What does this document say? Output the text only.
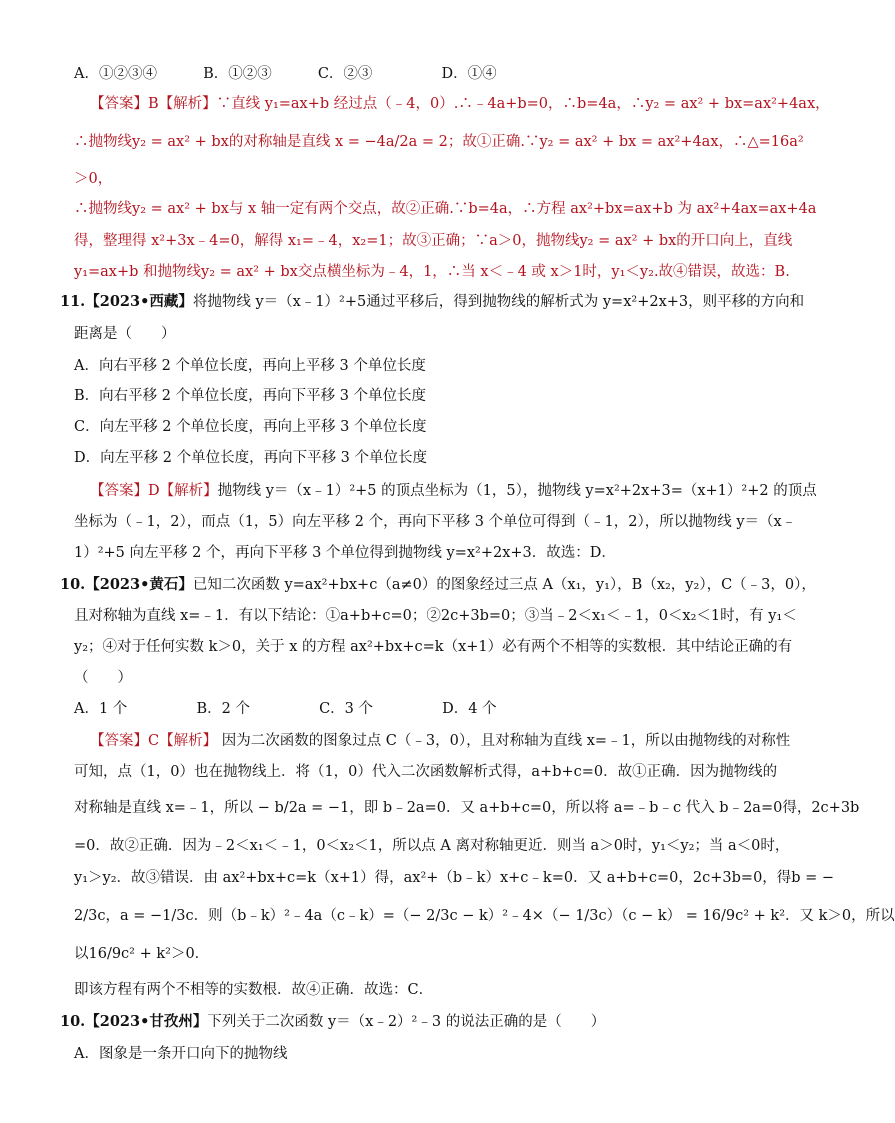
A．①②③④          B．①②③          C．②③               D．①④
【答案】B【解析】∵直线 y₁=ax+b 经过点（﹣4，0）.∴﹣4a+b=0，∴b=4a，∴y₂ = ax² + bx=ax²+4ax，
∴抛物线y₂ = ax² + bx的对称轴是直线 x = −4a/2a = 2；故①正确.∵y₂ = ax² + bx = ax²+4ax，∴△=16a²
＞0，
∴抛物线y₂ = ax² + bx与 x 轴一定有两个交点，故②正确.∵b=4a，∴方程 ax²+bx=ax+b 为 ax²+4ax=ax+4a
得，整理得 x²+3x﹣4=0，解得 x₁=﹣4，x₂=1；故③正确；∵a＞0，抛物线y₂ = ax² + bx的开口向上，直线
y₁=ax+b 和抛物线y₂ = ax² + bx交点横坐标为﹣4，1，∴当 x＜﹣4 或 x＞1时，y₁＜y₂.故④错误，故选：B.
11.【2023•西藏】将抛物线 y＝（x﹣1）²+5通过平移后，得到抛物线的解析式为 y=x²+2x+3，则平移的方向和
距离是（　　）
A．向右平移 2 个单位长度，再向上平移 3 个单位长度
B．向右平移 2 个单位长度，再向下平移 3 个单位长度
C．向左平移 2 个单位长度，再向上平移 3 个单位长度
D．向左平移 2 个单位长度，再向下平移 3 个单位长度
【答案】D【解析】抛物线 y＝（x﹣1）²+5 的顶点坐标为（1，5），抛物线 y=x²+2x+3=（x+1）²+2 的顶点
坐标为（﹣1，2），而点（1，5）向左平移 2 个，再向下平移 3 个单位可得到（﹣1，2），所以抛物线 y＝（x﹣
1）²+5 向左平移 2 个，再向下平移 3 个单位得到抛物线 y=x²+2x+3．故选：D．
10.【2023•黄石】已知二次函数 y=ax²+bx+c（a≠0）的图象经过三点 A（x₁，y₁），B（x₂，y₂），C（﹣3，0），
且对称轴为直线 x=﹣1．有以下结论：①a+b+c=0；②2c+3b=0；③当﹣2＜x₁＜﹣1，0＜x₂＜1时，有 y₁＜
y₂；④对于任何实数 k＞0，关于 x 的方程 ax²+bx+c=k（x+1）必有两个不相等的实数根．其中结论正确的有
（　　）
A．1 个               B．2 个               C．3 个               D．4 个
【答案】C【解析】 因为二次函数的图象过点 C（﹣3，0），且对称轴为直线 x=﹣1，所以由抛物线的对称性
可知，点（1，0）也在抛物线上．将（1，0）代入二次函数解析式得，a+b+c=0．故①正确．因为抛物线的
对称轴是直线 x=﹣1，所以 − b/2a = −1，即 b﹣2a=0．又 a+b+c=0，所以将 a=﹣b﹣c 代入 b﹣2a=0得，2c+3b
=0．故②正确．因为﹣2＜x₁＜﹣1，0＜x₂＜1，所以点 A 离对称轴更近．则当 a＞0时，y₁＜y₂；当 a＜0时，
y₁＞y₂．故③错误．由 ax²+bx+c=k（x+1）得，ax²+（b﹣k）x+c﹣k=0．又 a+b+c=0，2c+3b=0，得b = −
2/3c，a = −1/3c．则（b﹣k）²﹣4a（c﹣k）=（− 2/3c − k）²﹣4×（− 1/3c）（c − k） = 16/9c² + k²．又 k＞0，所以
以16/9c² + k²＞0．
即该方程有两个不相等的实数根．故④正确．故选：C．
10.【2023•甘孜州】下列关于二次函数 y＝（x﹣2）²﹣3 的说法正确的是（　　）
A．图象是一条开口向下的抛物线
